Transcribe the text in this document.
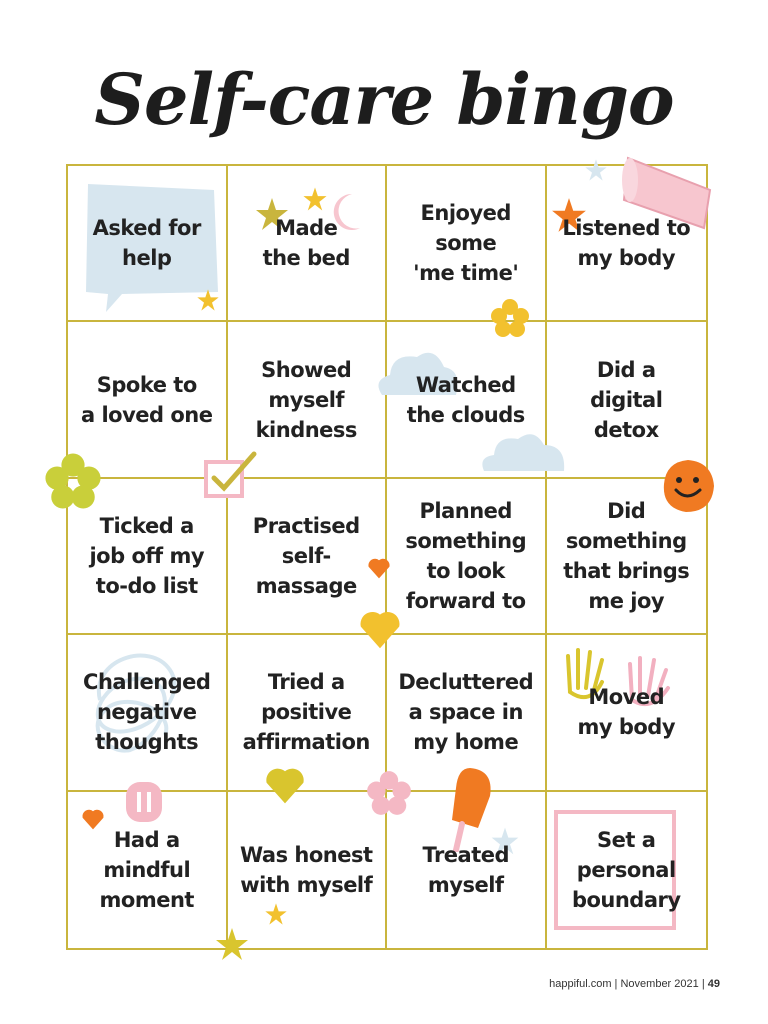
Self-care bingo
Asked for
help
Made
the bed
Enjoyed
some
'me time'
Listened to
my body
Spoke to
a loved one
Showed
myself
kindness
Watched
the clouds
Did a
digital
detox
Ticked a
job off my
to-do list
Practised
self-
massage
Planned
something
to look
forward to
Did
something
that brings
me joy
Challenged
negative
thoughts
Tried a
positive
affirmation
Decluttered
a space in
my home
Moved
my body
Had a
mindful
moment
Was honest
with myself
Treated
myself
Set a
personal
boundary
happiful.com | November 2021 | 49
